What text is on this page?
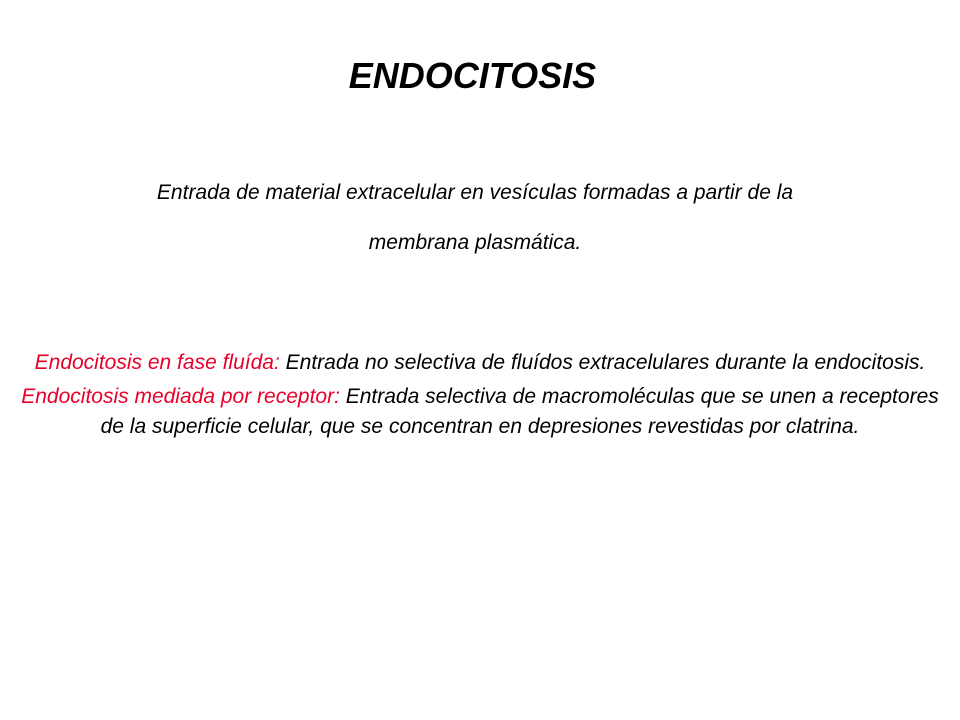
ENDOCITOSIS
Entrada de material extracelular en vesículas formadas a partir de la
membrana plasmática.

Endocitosis en fase fluída: Entrada no selectiva de fluídos extracelulares durante la endocitosis.

Endocitosis mediada por receptor: Entrada selectiva de macromoléculas que se unen a receptores de la superficie celular, que se concentran en depresiones revestidas por clatrina.
